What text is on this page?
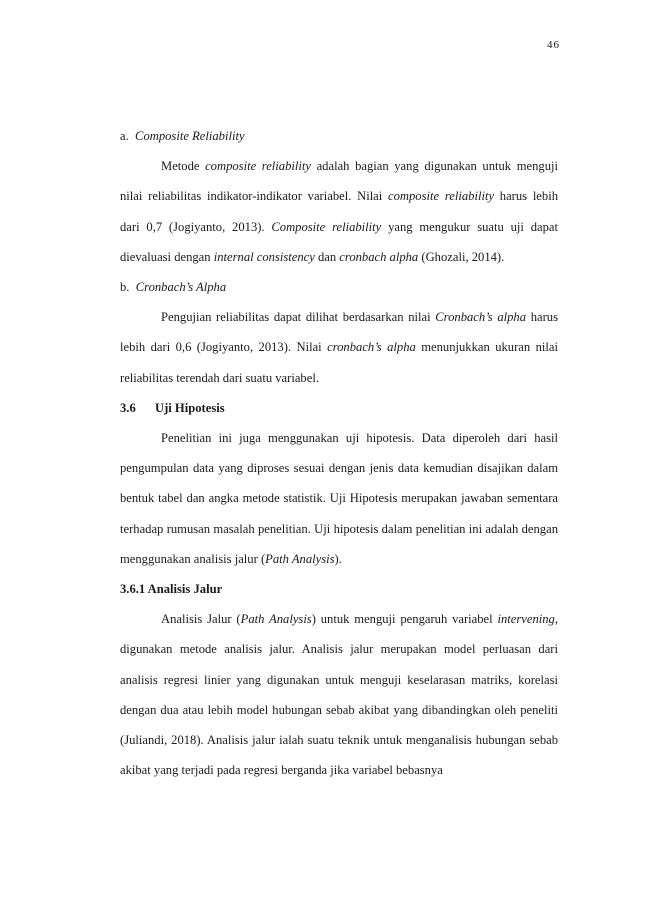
46

a. Composite Reliability

Metode composite reliability adalah bagian yang digunakan untuk menguji nilai reliabilitas indikator-indikator variabel. Nilai composite reliability harus lebih dari 0,7 (Jogiyanto, 2013). Composite reliability yang mengukur suatu uji dapat dievaluasi dengan internal consistency dan cronbach alpha (Ghozali, 2014).

b. Cronbach’s Alpha

Pengujian reliabilitas dapat dilihat berdasarkan nilai Cronbach’s alpha harus lebih dari 0,6 (Jogiyanto, 2013). Nilai cronbach’s alpha menunjukkan ukuran nilai reliabilitas terendah dari suatu variabel.

3.6 Uji Hipotesis

Penelitian ini juga menggunakan uji hipotesis. Data diperoleh dari hasil pengumpulan data yang diproses sesuai dengan jenis data kemudian disajikan dalam bentuk tabel dan angka metode statistik. Uji Hipotesis merupakan jawaban sementara terhadap rumusan masalah penelitian. Uji hipotesis dalam penelitian ini adalah dengan menggunakan analisis jalur (Path Analysis).

3.6.1 Analisis Jalur

Analisis Jalur (Path Analysis) untuk menguji pengaruh variabel intervening, digunakan metode analisis jalur. Analisis jalur merupakan model perluasan dari analisis regresi linier yang digunakan untuk menguji keselarasan matriks, korelasi dengan dua atau lebih model hubungan sebab akibat yang dibandingkan oleh peneliti (Juliandi, 2018). Analisis jalur ialah suatu teknik untuk menganalisis hubungan sebab akibat yang terjadi pada regresi berganda jika variabel bebasnya
